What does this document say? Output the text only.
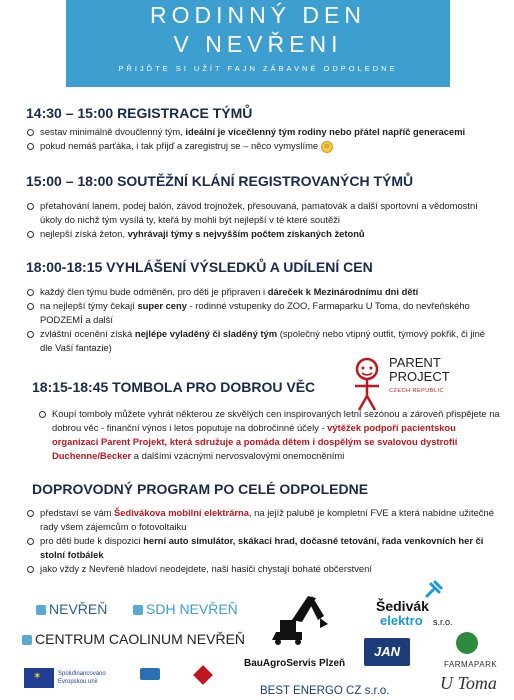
RODINNÝ DEN
V NEVŘENI
PŘIJĎTE SI UŽÍT FAJN ZÁBAVNÉ ODPOLEDNE
14:30 – 15:00 REGISTRACE TÝMŮ
sestav minimálně dvoučlenný tým, ideální je vícečlenný tým rodiny nebo přátel napříč generacemi
pokud nemáš parťáka, i tak přijď a zaregistruj se – něco vymyslíme ☺
15:00 – 18:00 SOUTĚŽNÍ KLÁNÍ REGISTROVANÝCH TÝMŮ
přetahování lanem, podej balón, závod trojnožek, přesouvaná, pamatovák a další sportovní a vědomostní úkoly do nichž tým vysílá ty, kteřá by mohli být nejlepší v té které soutěži
nejlepší získá žeton, vyhrávají týmy s nejvyšším počtem získaných žetonů
18:00-18:15 VYHLÁŠENÍ VÝSLEDKŮ A UDÍLENÍ CEN
každý člen týmu bude odměněn, pro děti je připraven i dáreček k Mezinárodnímu dni dětí
na nejlepší týmy čekají super ceny - rodinné vstupenky do ZOO, Farmaparku U Toma, do nevřeňského PODZEMÍ a další
zvláštní ocenění získá nejlépe vyladěný či sladěný tým (společný nebo vtipný outfit, týmový pokřik, či jiné dle Vaší fantazie)
PARENT
PROJECT
CZECH REPUBLIC
18:15-18:45 TOMBOLA PRO DOBROU VĚC
Koupí tomboly můžete vyhrát některou ze skvělých cen inspirovaných letní sezónou a zároveň přispějete na dobrou věc - finanční výnos i letos poputuje na dobročinné účely - výtěžek podpoří pacientskou organizaci Parent Projekt, která sdružuje a pomáda dětem i dospělým se svalovou dystrofií Duchenne/Becker a dalšími vzácnými nervosvalovými onemocněními
DOPROVODNÝ PROGRAM PO CELÉ ODPOLEDNE
představí se vám Šedivákova mobilní elektrárna, na jejíž palubě je kompletní FVE a která nabídne užitečné rady všem zájemcům o fotovoltaiku
pro děti bude k dispozici herní auto simulátor, skákací hrad, dočasné tetování, řada venkovních her či stolní fotbálek
jako vždy z Nevřeně hladoví neodejdete, naši hasiči chystají bohaté občerstvení
NEVŘEŇ	SDH NEVŘEŇ
CENTRUM CAOLINUM NEVŘEŇ
BauAgroServis Plzeň
Šedivák
elektro s.r.o.
JAN
FARMAPARK
U Toma
✶	Spolufinancováno
Evropskou unií
BEST ENERGO CZ s.r.o.
